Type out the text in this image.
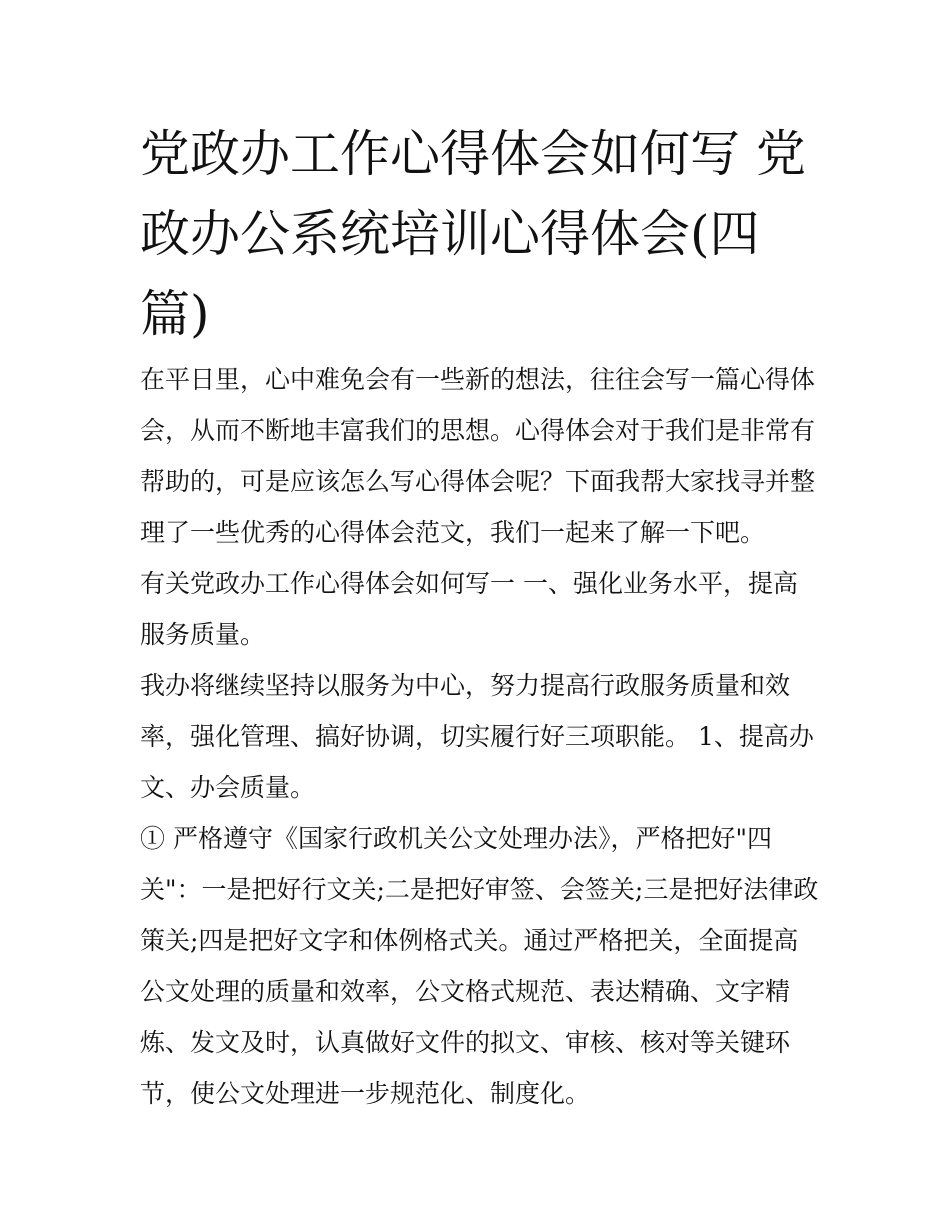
党政办工作心得体会如何写 党政办公系统培训心得体会(四篇)

在平日里，心中难免会有一些新的想法，往往会写一篇心得体会，从而不断地丰富我们的思想。心得体会对于我们是非常有帮助的，可是应该怎么写心得体会呢？下面我帮大家找寻并整理了一些优秀的心得体会范文，我们一起来了解一下吧。

有关党政办工作心得体会如何写一 一、强化业务水平，提高服务质量。

我办将继续坚持以服务为中心，努力提高行政服务质量和效率，强化管理、搞好协调，切实履行好三项职能。 1、提高办文、办会质量。

① 严格遵守《国家行政机关公文处理办法》，严格把好"四关"：一是把好行文关;二是把好审签、会签关;三是把好法律政策关;四是把好文字和体例格式关。通过严格把关，全面提高公文处理的质量和效率，公文格式规范、表达精确、文字精炼、发文及时，认真做好文件的拟文、审核、核对等关键环节，使公文处理进一步规范化、制度化。
